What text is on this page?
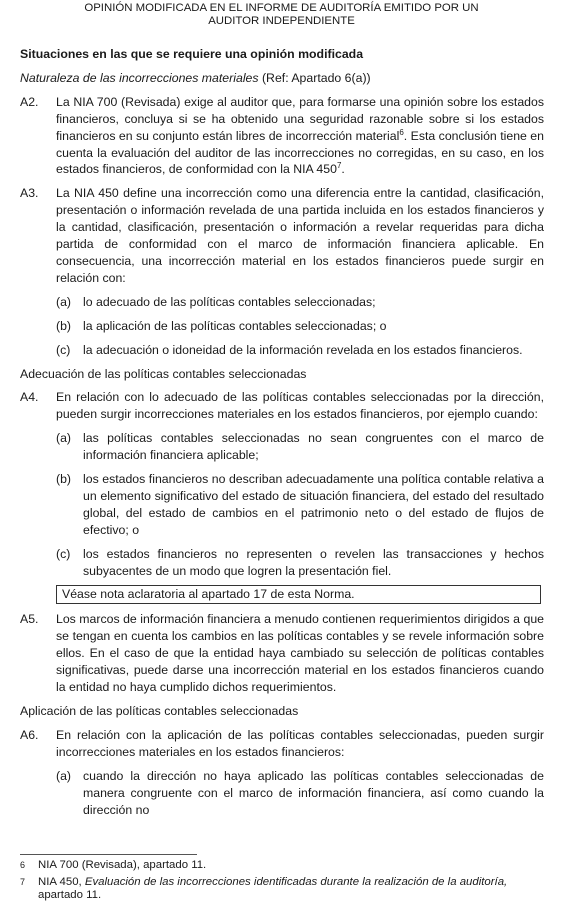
OPINIÓN MODIFICADA EN EL INFORME DE AUDITORÍA EMITIDO POR UN
AUDITOR INDEPENDIENTE
Situaciones en las que se requiere una opinión modificada
Naturaleza de las incorrecciones materiales (Ref: Apartado 6(a))
A2.	La NIA 700 (Revisada) exige al auditor que, para formarse una opinión sobre los estados financieros, concluya si se ha obtenido una seguridad razonable sobre si los estados financieros en su conjunto están libres de incorrección material$^6$. Esta conclusión tiene en cuenta la evaluación del auditor de las incorrecciones no corregidas, en su caso, en los estados financieros, de conformidad con la NIA $450^7$.
A3.	La NIA 450 define una incorrección como una diferencia entre la cantidad, clasificación, presentación o información revelada de una partida incluida en los estados financieros y la cantidad, clasificación, presentación o información a revelar requeridas para dicha partida de conformidad con el marco de información financiera aplicable. En consecuencia, una incorrección material en los estados financieros puede surgir en relación con:
(a) lo adecuado de las políticas contables seleccionadas;
(b) la aplicación de las políticas contables seleccionadas; o
(c)	la adecuación o idoneidad de la información revelada en los estados financieros.
Adecuación de las políticas contables seleccionadas
A4.	En relación con lo adecuado de las políticas contables seleccionadas por la dirección, pueden surgir incorrecciones materiales en los estados financieros, por ejemplo cuando:
(a) las políticas contables seleccionadas no sean congruentes con el marco de información financiera aplicable;
(b) los estados financieros no describan adecuadamente una política contable relativa a un elemento significativo del estado de situación financiera, del estado del resultado global, del estado de cambios en el patrimonio neto o del estado de flujos de efectivo; o
(c)	los estados financieros no representen o revelen las transacciones y hechos subyacentes de un modo que logren la presentación fiel.
Véase nota aclaratoria al apartado 17 de esta Norma.
A5.	Los marcos de información financiera a menudo contienen requerimientos dirigidos a que se tengan en cuenta los cambios en las políticas contables y se revele información sobre ellos. En el caso de que la entidad haya cambiado su selección de políticas contables significativas, puede darse una incorrección material en los estados financieros cuando la entidad no haya cumplido dichos requerimientos.
Aplicación de las políticas contables seleccionadas
A6.	En relación con la aplicación de las políticas contables seleccionadas, pueden surgir incorrecciones materiales en los estados financieros:
(a) cuando la dirección no haya aplicado las políticas contables seleccionadas de manera congruente con el marco de información financiera, así como cuando la dirección no
6	NIA 700 (Revisada), apartado 11.
7	NIA 450, Evaluación de las incorrecciones identificadas durante la realización de la auditoría, apartado 11.
